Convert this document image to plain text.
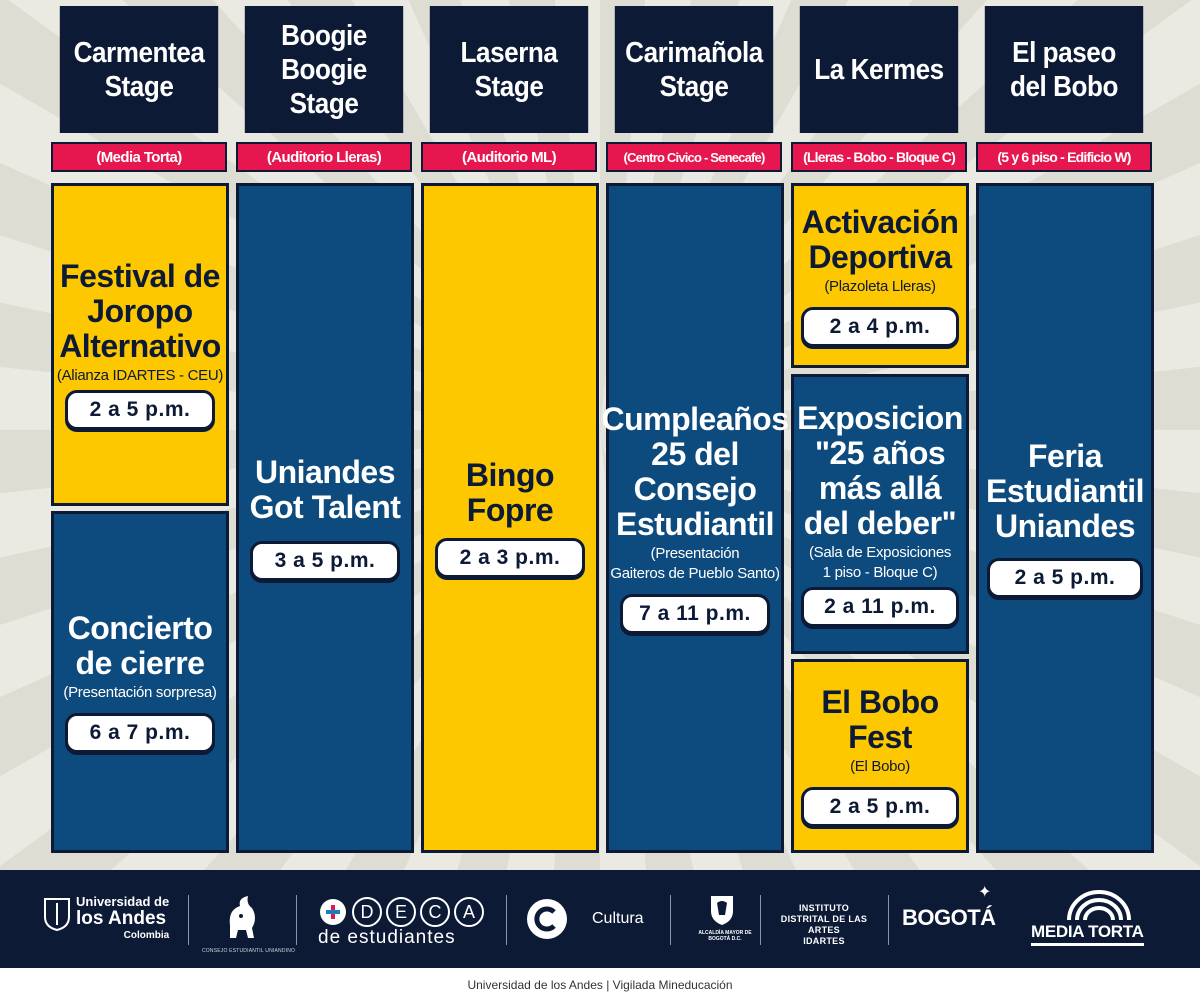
Carmentea
Stage
(Media Torta)
Boogie
Boogie
Stage
(Auditorio Lleras)
Laserna
Stage
(Auditorio ML)
Carimañola
Stage
(Centro Civico - Senecafe)
La Kermes
(Lleras - Bobo - Bloque C)
El paseo
del Bobo
(5 y 6 piso - Edificio W)
Festival de
Joropo
Alternativo
(Alianza IDARTES - CEU)
2 a 5 p.m.
Concierto
de cierre
(Presentación sorpresa)
6 a 7 p.m.
Uniandes
Got Talent
3 a 5 p.m.
Bingo Fopre
2 a 3 p.m.
Cumpleaños
25 del
Consejo
Estudiantil
(Presentación
Gaiteros de Pueblo Santo)
7 a 11 p.m.
Activación
Deportiva
(Plazoleta Lleras)
2 a 4 p.m.
Exposicion
"25 años
más allá
del deber"
(Sala de Exposiciones
1 piso - Bloque C)
2 a 11 p.m.
El Bobo
Fest
(El Bobo)
2 a 5 p.m.
Feria
Estudiantil
Uniandes
2 a 5 p.m.
Universidad de
los Andes
Colombia
CONSEJO ESTUDIANTIL UNIANDINO
D	E	C	A
de estudiantes
Cultura
ALCALDÍA MAYOR DE BOGOTÁ D.C.
INSTITUTO
DISTRITAL DE LAS ARTES
IDARTES
BOGOTÁ
✦
MEDIA TORTA
Universidad de los Andes | Vigilada Mineducación
